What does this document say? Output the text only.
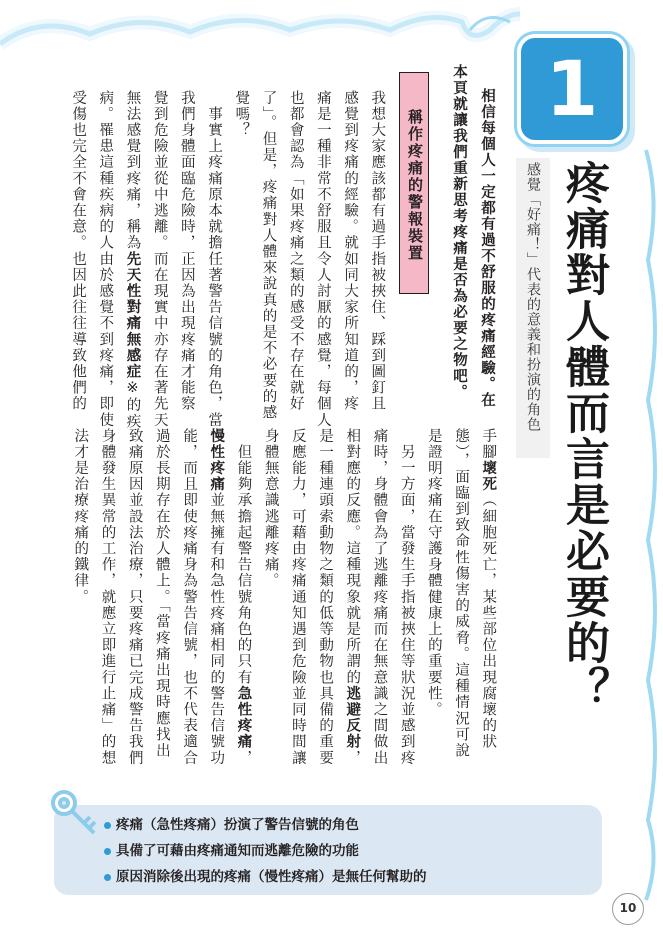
1
疼痛對人體而言是必要的？
感覺「好痛！」代表的意義和扮演的角色
相信每個人一定都有過不舒服的疼痛經驗。在
本頁就讓我們重新思考疼痛是否為必要之物吧。
稱作疼痛的警報裝置
我想大家應該都有過手指被挾住、踩到圖釘且
感覺到疼痛的經驗。就如同大家所知道的，疼
痛是一種非常不舒服且令人討厭的感覺，每個人
也都會認為「如果疼痛之類的感受不存在就好
了」。但是，疼痛對人體來說真的是不必要的感
覺嗎？
　事實上疼痛原本就擔任著警告信號的角色，當
我們身體面臨危險時，正因為出現疼痛才能察
覺到危險並從中逃離。而在現實中亦存在著先天
無法感覺到疼痛，稱為先天性對痛無感症※的疾
病。罹患這種疾病的人由於感覺不到疼痛，即使
受傷也完全不會在意。也因此往往導致他們的
手腳壞死（細胞死亡，某些部位出現腐壞的狀
態），面臨到致命性傷害的威脅。這種情況可說
是證明疼痛在守護身體健康上的重要性。
　另一方面，當發生手指被挾住等狀況並感到疼
痛時，身體會為了逃離疼痛而在無意識之間做出
相對應的反應。這種現象就是所謂的逃避反射，
是一種連頭索動物之類的低等動物也具備的重要
反應能力，可藉由疼痛通知遇到危險並同時間讓
身體無意識逃離疼痛。
　但能夠承擔起警告信號角色的只有急性疼痛，
慢性疼痛並無擁有和急性疼痛相同的警告信號功
能，而且即使疼痛身為警告信號，也不代表適合
過於長期存在於人體上。「當疼痛出現時應找出
致痛原因並設法治療，只要疼痛已完成警告我們
身體發生異常的工作，就應立即進行止痛」的想
法才是治療疼痛的鐵律。
疼痛（急性疼痛）扮演了警告信號的角色
具備了可藉由疼痛通知而逃離危險的功能
原因消除後出現的疼痛（慢性疼痛）是無任何幫助的
10
